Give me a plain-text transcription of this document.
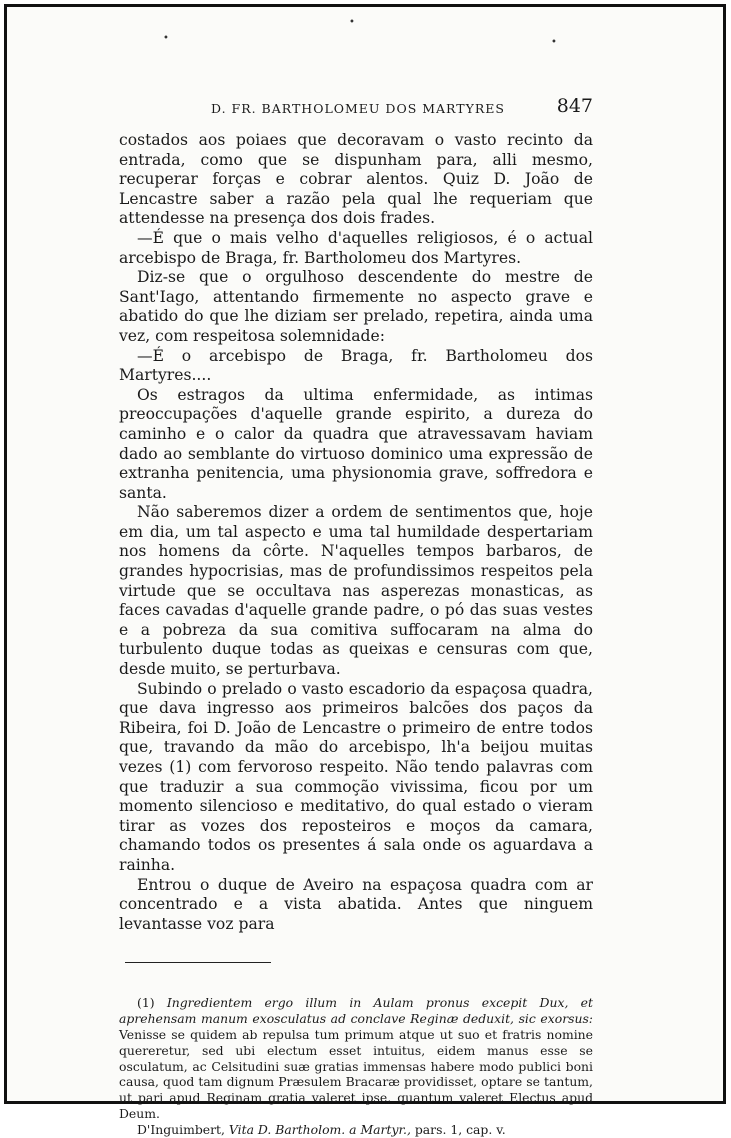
•
•	•
D. FR. BARTHOLOMEU DOS MARTYRES	847

costados aos poiaes que decoravam o vasto recinto da entrada, como que se dispunham para, alli mesmo, recuperar forças e cobrar alentos. Quiz D. João de Lencastre saber a razão pela qual lhe requeriam que attendesse na presença dos dois frades.

—É que o mais velho d'aquelles religiosos, é o actual arcebispo de Braga, fr. Bartholomeu dos Martyres.

Diz-se que o orgulhoso descendente do mestre de Sant'Iago, attentando firmemente no aspecto grave e abatido do que lhe diziam ser prelado, repetira, ainda uma vez, com respeitosa solemnidade:

—É o arcebispo de Braga, fr. Bartholomeu dos Martyres....

Os estragos da ultima enfermidade, as intimas preoccupações d'aquelle grande espirito, a dureza do caminho e o calor da quadra que atravessavam haviam dado ao semblante do virtuoso dominico uma expressão de extranha penitencia, uma physionomia grave, soffredora e santa.

Não saberemos dizer a ordem de sentimentos que, hoje em dia, um tal aspecto e uma tal humildade despertariam nos homens da côrte. N'aquelles tempos barbaros, de grandes hypocrisias, mas de profundissimos respeitos pela virtude que se occultava nas asperezas monasticas, as faces cavadas d'aquelle grande padre, o pó das suas vestes e a pobreza da sua comitiva suffocaram na alma do turbulento duque todas as queixas e censuras com que, desde muito, se perturbava.

Subindo o prelado o vasto escadorio da espaçosa quadra, que dava ingresso aos primeiros balcões dos paços da Ribeira, foi D. João de Lencastre o primeiro de entre todos que, travando da mão do arcebispo, lh'a beijou muitas vezes (1) com fervoroso respeito. Não tendo palavras com que traduzir a sua commoção vivissima, ficou por um momento silencioso e meditativo, do qual estado o vieram tirar as vozes dos reposteiros e moços da camara, chamando todos os presentes á sala onde os aguardava a rainha.

Entrou o duque de Aveiro na espaçosa quadra com ar concentrado e a vista abatida. Antes que ninguem levantasse voz para

(1) Ingredientem ergo illum in Aulam pronus excepit Dux, et aprehensam manum exosculatus ad conclave Reginæ deduxit, sic exorsus: Venisse se quidem ab repulsa tum primum atque ut suo et fratris nomine quereretur, sed ubi electum esset intuitus, eidem manus esse se osculatum, ac Celsitudini suæ gratias immensas habere modo publici boni causa, quod tam dignum Præsulem Bracaræ providisset, optare se tantum, ut pari apud Reginam gratia valeret ipse, quantum valeret Electus apud Deum.

D'Inguimbert, Vita D. Bartholom. a Martyr., pars. 1, cap. v.
